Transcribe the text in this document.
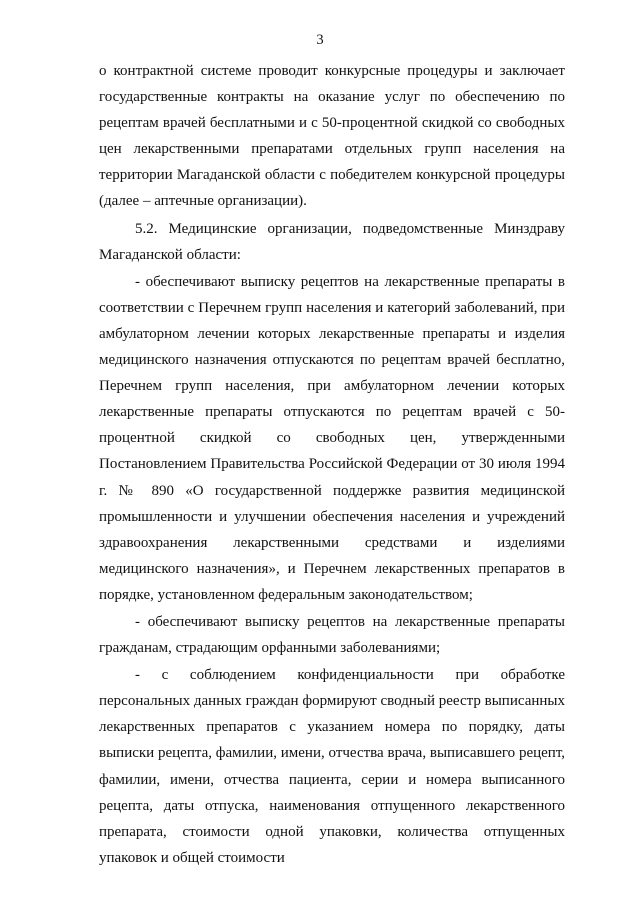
3

о контрактной системе проводит конкурсные процедуры и заключает государственные контракты на оказание услуг по обеспечению по рецептам врачей бесплатными и с 50-процентной скидкой со свободных цен лекарственными препаратами отдельных групп населения на территории Магаданской области с победителем конкурсной процедуры (далее – аптечные организации).

5.2. Медицинские организации, подведомственные Минздраву Магаданской области:

- обеспечивают выписку рецептов на лекарственные препараты в соответствии с Перечнем групп населения и категорий заболеваний, при амбулаторном лечении которых лекарственные препараты и изделия медицинского назначения отпускаются по рецептам врачей бесплатно, Перечнем групп населения, при амбулаторном лечении которых лекарственные препараты отпускаются по рецептам врачей с 50-процентной скидкой со свободных цен, утвержденными Постановлением Правительства Российской Федерации от 30 июля 1994 г. № 890 «О государственной поддержке развития медицинской промышленности и улучшении обеспечения населения и учреждений здравоохранения лекарственными средствами и изделиями медицинского назначения», и Перечнем лекарственных препаратов в порядке, установленном федеральным законодательством;

- обеспечивают выписку рецептов на лекарственные препараты гражданам, страдающим орфанными заболеваниями;

- с соблюдением конфиденциальности при обработке персональных данных граждан формируют сводный реестр выписанных лекарственных препаратов с указанием номера по порядку, даты выписки рецепта, фамилии, имени, отчества врача, выписавшего рецепт, фамилии, имени, отчества пациента, серии и номера выписанного рецепта, даты отпуска, наименования отпущенного лекарственного препарата, стоимости одной упаковки, количества отпущенных упаковок и общей стоимости
